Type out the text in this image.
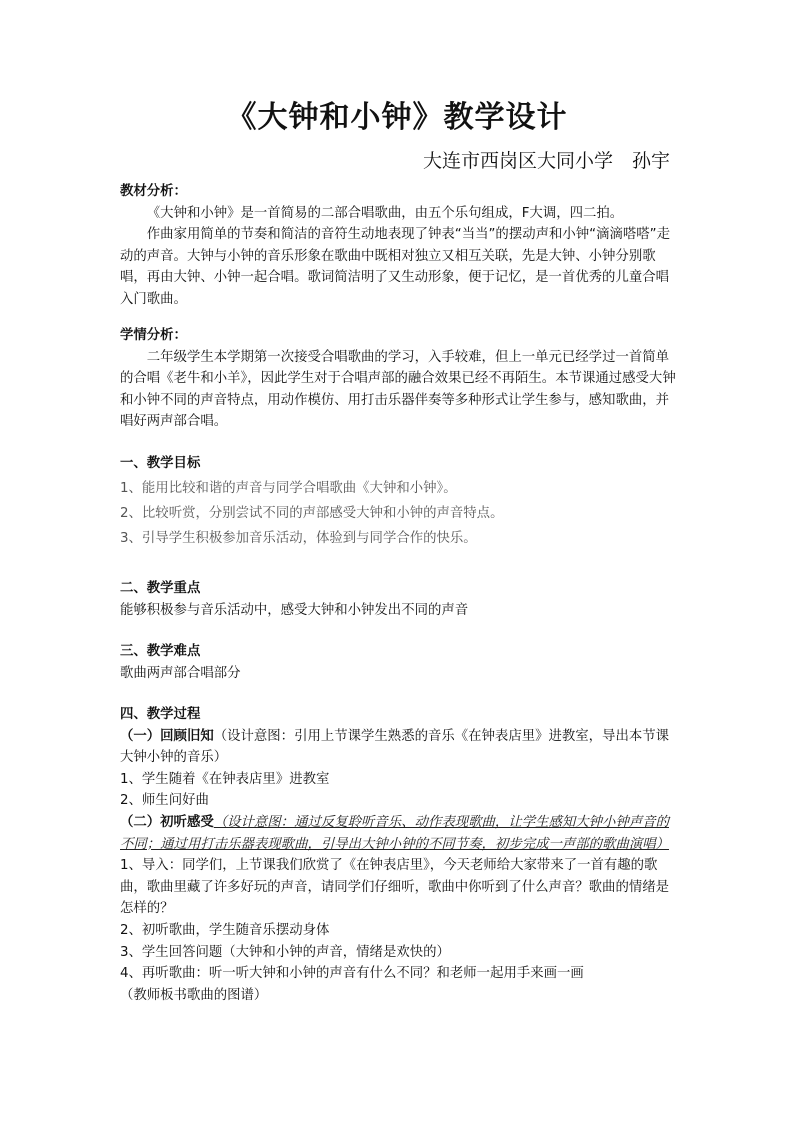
《大钟和小钟》教学设计
大连市西岗区大同小学　孙宇

教材分析：

《大钟和小钟》是一首简易的二部合唱歌曲，由五个乐句组成，F大调，四二拍。

作曲家用简单的节奏和简洁的音符生动地表现了钟表“当当”的摆动声和小钟“滴滴嗒嗒”走动的声音。大钟与小钟的音乐形象在歌曲中既相对独立又相互关联，先是大钟、小钟分别歌唱，再由大钟、小钟一起合唱。歌词简洁明了又生动形象，便于记忆，是一首优秀的儿童合唱入门歌曲。

学情分析：

二年级学生本学期第一次接受合唱歌曲的学习，入手较难，但上一单元已经学过一首简单的合唱《老牛和小羊》，因此学生对于合唱声部的融合效果已经不再陌生。本节课通过感受大钟和小钟不同的声音特点，用动作模仿、用打击乐器伴奏等多种形式让学生参与，感知歌曲，并唱好两声部合唱。

一、教学目标

1、能用比较和谐的声音与同学合唱歌曲《大钟和小钟》。

2、比较听赏，分别尝试不同的声部感受大钟和小钟的声音特点。

3、引导学生积极参加音乐活动，体验到与同学合作的快乐。

二、教学重点

能够积极参与音乐活动中，感受大钟和小钟发出不同的声音

三、教学难点

歌曲两声部合唱部分

四、教学过程

（一）回顾旧知（设计意图：引用上节课学生熟悉的音乐《在钟表店里》进教室，导出本节课大钟小钟的音乐）

1、学生随着《在钟表店里》进教室

2、师生问好曲

（二）初听感受（设计意图：通过反复聆听音乐、动作表现歌曲，让学生感知大钟小钟声音的不同；通过用打击乐器表现歌曲，引导出大钟小钟的不同节奏，初步完成一声部的歌曲演唱）

1、导入：同学们，上节课我们欣赏了《在钟表店里》，今天老师给大家带来了一首有趣的歌曲，歌曲里藏了许多好玩的声音，请同学们仔细听，歌曲中你听到了什么声音？歌曲的情绪是怎样的？

2、初听歌曲，学生随音乐摆动身体

3、学生回答问题（大钟和小钟的声音，情绪是欢快的）

4、再听歌曲：听一听大钟和小钟的声音有什么不同？和老师一起用手来画一画

（教师板书歌曲的图谱）
